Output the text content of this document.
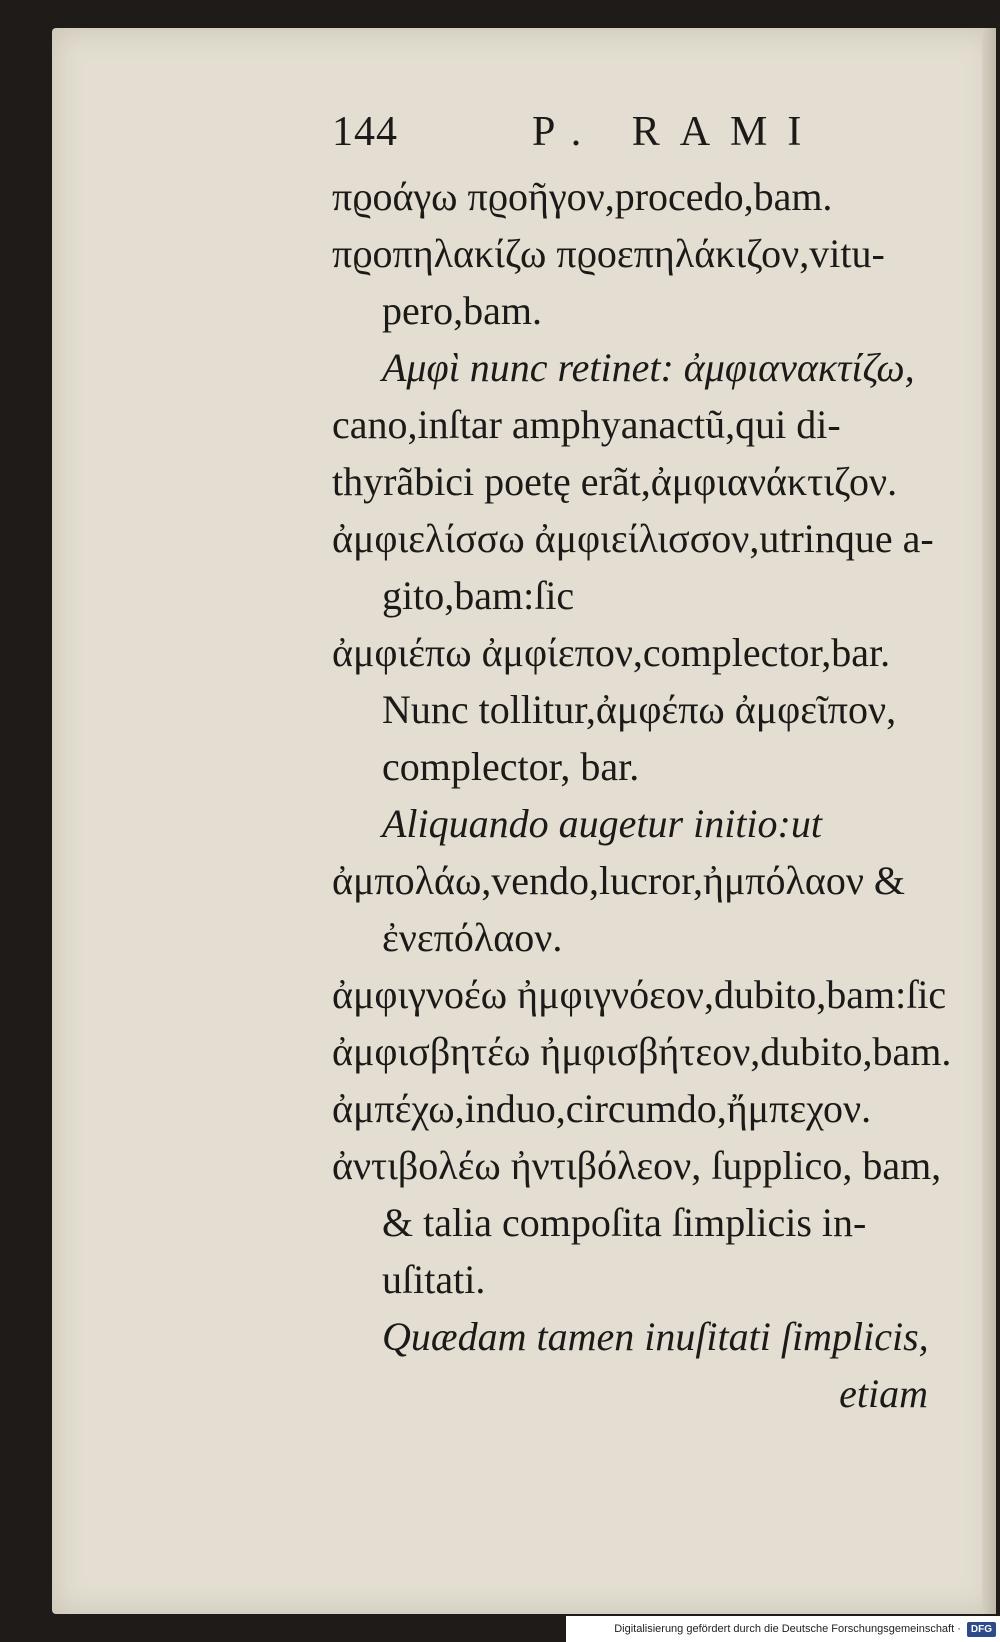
144	P. RAMI
πϱοάγω πϱοῆγον,procedo,bam.
πϱοπηλακίζω πϱοεπηλάκιζον,vitu-
pero,bam.
Αμφὶ nunc retinet: ἀμφιανακτίζω,
cano,inſtar amphyanactũ,qui di-
thyrãbici poetę erãt,ἀμφιανάκτιζον.
ἀμφιελίσσω ἀμφιείλισσον,utrinque a-
gito,bam:ſic
ἀμφιέπω ἀμφίεπον,complector,bar.
Nunc tollitur,ἀμφέπω ἀμφεῖπον,
complector, bar.
Aliquando augetur initio:ut
ἀμπολάω,vendo,lucror,ἠμπόλαον &
ἐνεπόλαον.
ἀμφιγνοέω ἠμφιγνόεον,dubito,bam:ſic
ἀμφισβητέω ἠμφισβήτεον,dubito,bam.
ἀμπέχω,induo,circumdo,ἤμπεχον.
ἀντιβολέω ἠντιβόλεον, ſupplico, bam,
& talia compoſita ſimplicis in-
uſitati.
Quædam tamen inuſitati ſimplicis,
etiam
Digitalisierung gefördert durch die Deutsche Forschungsgemeinschaft ·	DFG
